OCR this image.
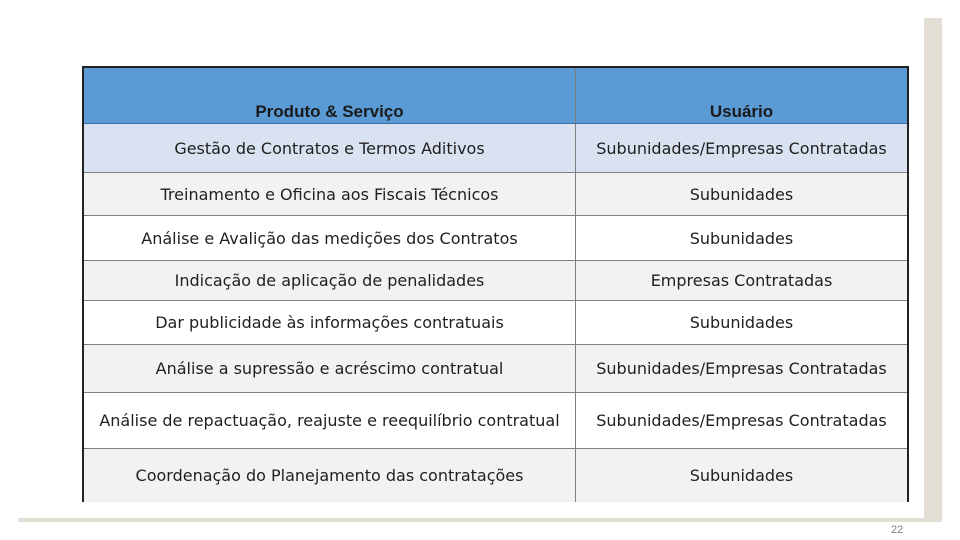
Produto & Serviço	Usuário
Gestão de Contratos e Termos Aditivos	Subunidades/Empresas Contratadas
Treinamento e Oficina aos Fiscais Técnicos	Subunidades
Análise e Avalição das medições dos Contratos	Subunidades
Indicação de aplicação de penalidades	Empresas Contratadas
Dar publicidade às informações contratuais	Subunidades
Análise a supressão e acréscimo contratual	Subunidades/Empresas Contratadas
Análise de repactuação, reajuste e reequilíbrio contratual	Subunidades/Empresas Contratadas
Coordenação do Planejamento das contratações	Subunidades
22
